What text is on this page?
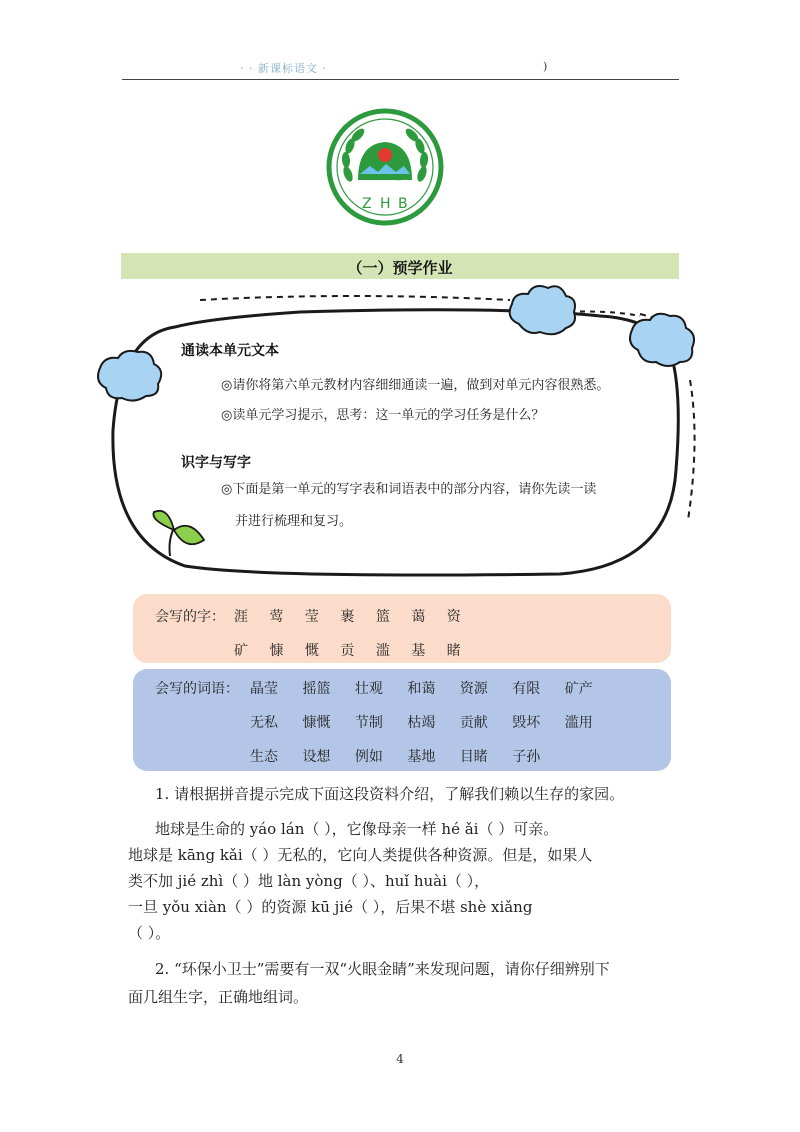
· · 新课标语文 ·	)
Z H B
（一）预学作业
通读本单元文本
◎请你将第六单元教材内容细细通读一遍，做到对单元内容很熟悉。
◎读单元学习提示，思考：这一单元的学习任务是什么？
识字与写字
◎下面是第一单元的写字表和词语表中的部分内容，请你先读一读
并进行梳理和复习。
会写的字： 涯 莺 莹 裹 篮 蔼 资
矿 慷 慨 贡 滥 基 睹
会写的词语： 晶莹 摇篮 壮观 和蔼 资源 有限 矿产
无私 慷慨 节制 枯竭 贡献 毁坏 滥用
生态 设想 例如 基地 目睹 子孙
1. 请根据拼音提示完成下面这段资料介绍，了解我们赖以生存的家园。
地球是生命的 yáo lán（ ），它像母亲一样 hé ǎi（ ）可亲。
地球是 kāng kǎi（ ）无私的，它向人类提供各种资源。但是，如果人
类不加 jié zhì（ ）地 làn yòng（ ）、huǐ huài（ ），
一旦 yǒu xiàn（ ）的资源 kū jié（ ），后果不堪 shè xiǎng
（ ）。
2. “环保小卫士”需要有一双“火眼金睛”来发现问题，请你仔细辨别下
面几组生字，正确地组词。
4
